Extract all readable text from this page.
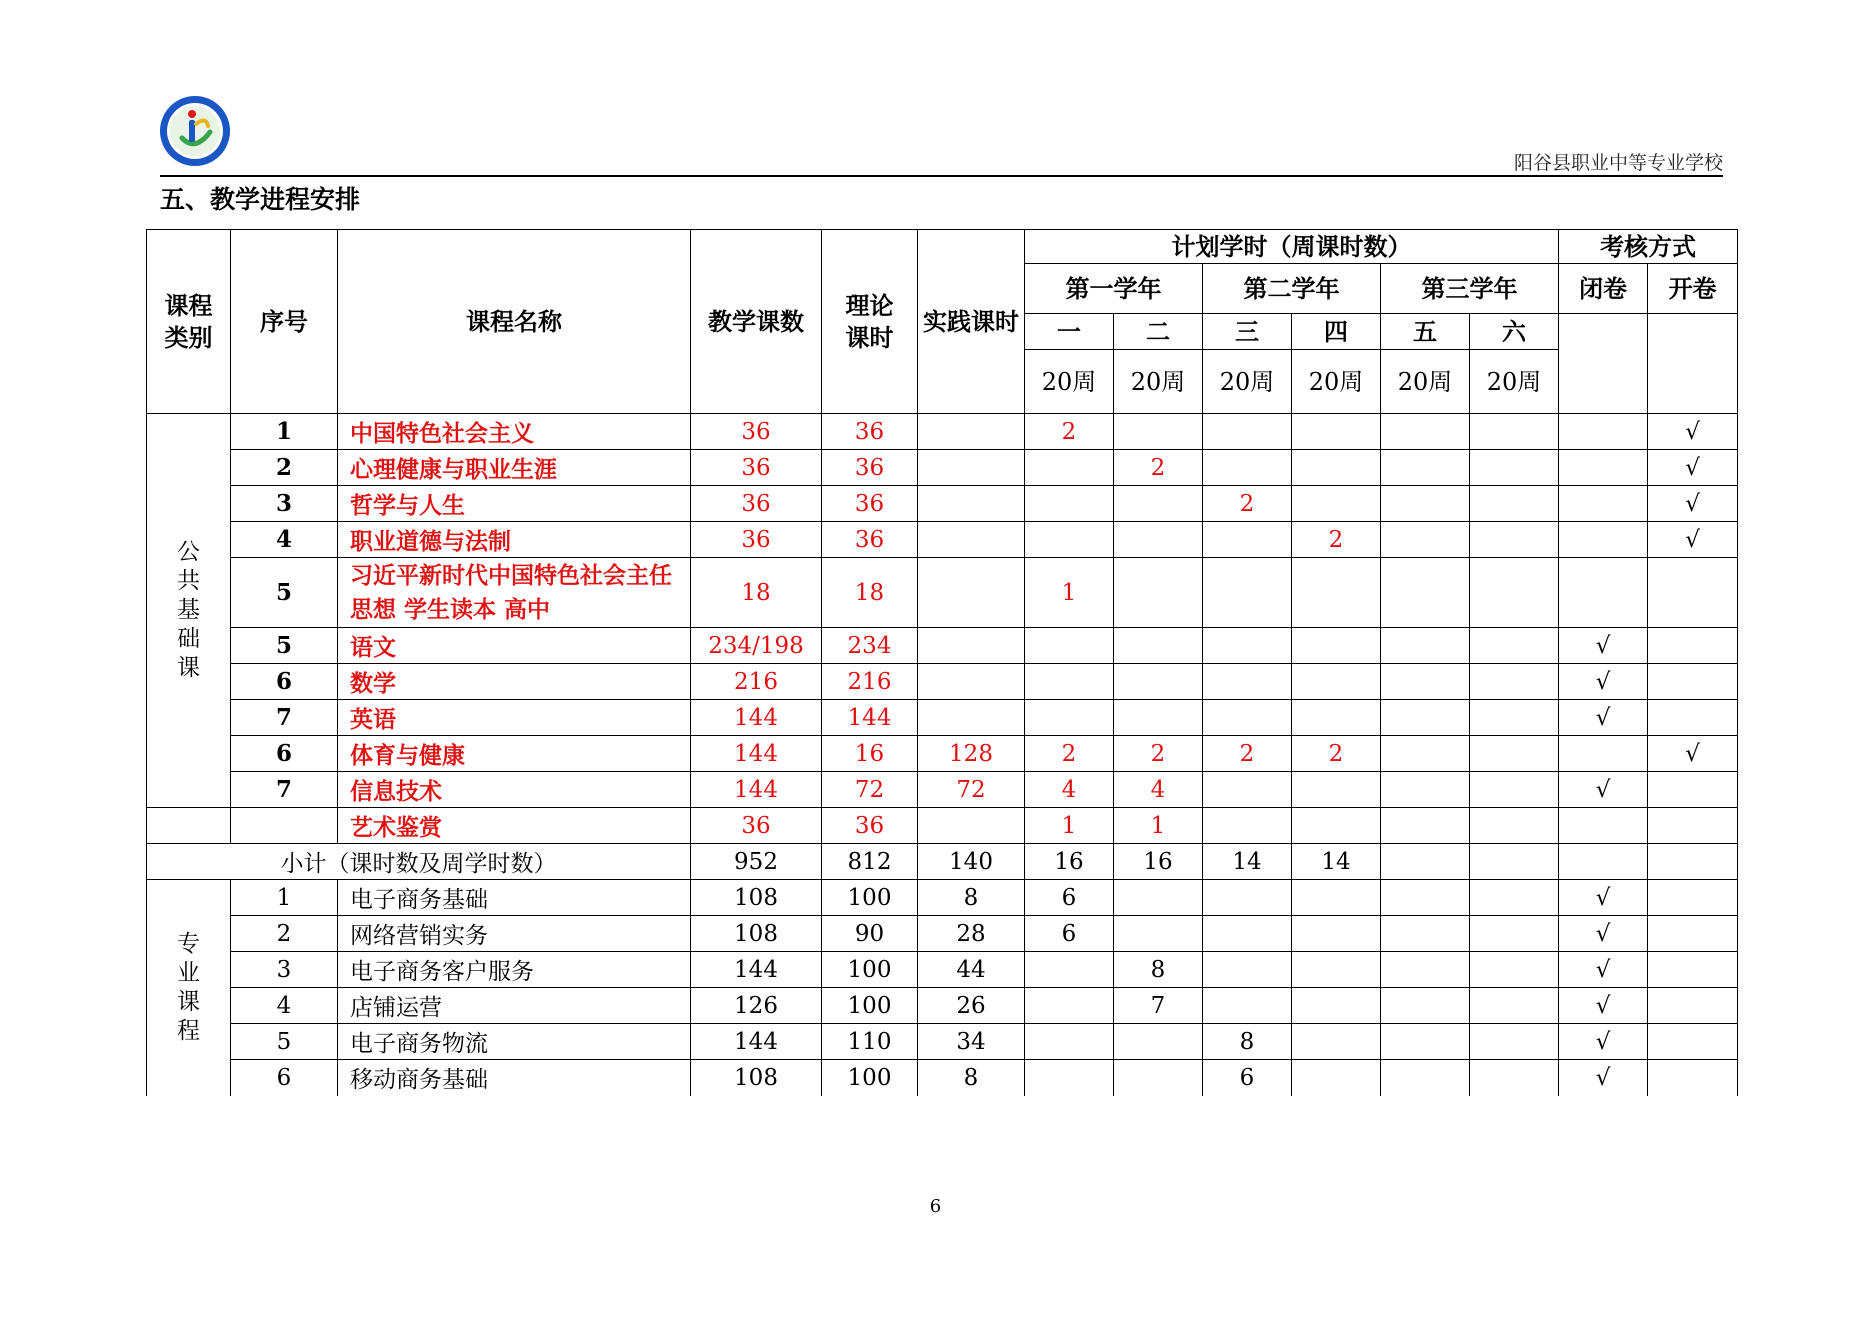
阳谷县职业中等专业学校
五、教学进程安排
课程类别	序号	课程名称	教学课数	理论课时	实践课时	计划学时（周课时数）						考核方式	
						第一学年		第二学年		第三学年		闭卷	开卷
						一	二	三	四	五	六		
						20周	20周	20周	20周	20周	20周		
公共基础课	1	中国特色社会主义	36	36		2							√
	2	心理健康与职业生涯	36	36			2						√
	3	哲学与人生	36	36				2					√
	4	职业道德与法制	36	36					2				√
	5	习近平新时代中国特色社会主任思想 学生读本 高中	18	18		1							
	5	语文	234/198	234								√	
	6	数学	216	216								√	
	7	英语	144	144								√	
	6	体育与健康	144	16	128	2	2	2	2				√
	7	信息技术	144	72	72	4	4					√	
		艺术鉴赏	36	36		1	1						
小计（课时数及周学时数）			952	812	140	16	16	14	14				
专业课程	1	电子商务基础	108	100	8	6						√	
	2	网络营销实务	108	90	28	6						√	
	3	电子商务客户服务	144	100	44		8					√	
	4	店铺运营	126	100	26		7					√	
	5	电子商务物流	144	110	34			8				√	
	6	移动商务基础	108	100	8			6				√	
6
